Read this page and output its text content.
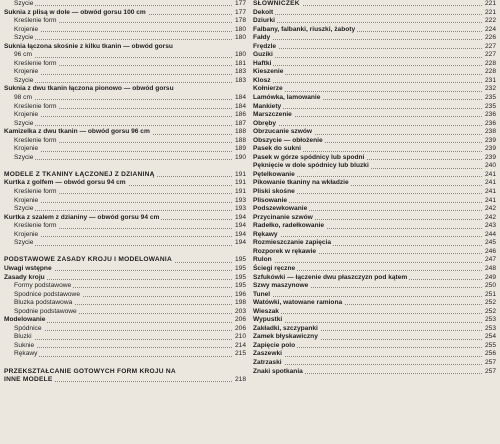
Szycie	177
Suknia z plisą w dole — obwód gorsu 100 cm	177
Kreślenie form	178
Krojenie	180
Szycie	180
Suknia łączona skośnie z kilku tkanin — obwód gorsu
96 cm	180
Kreślenie form	181
Krojenie	183
Szycie	183
Suknia z dwu tkanin łączona pionowo — obwód gorsu
98 cm	184
Kreślenie form	184
Krojenie	186
Szycie	187
Kamizelka z dwu tkanin — obwód gorsu 96 cm	188
Kreślenie form	188
Krojenie	189
Szycie	190
MODELE Z TKANINY ŁĄCZONEJ Z DZIANINĄ	191
Kurtka z golfem — obwód gorsu 94 cm	191
Kreślenie form	191
Krojenie	193
Szycie	193
Kurtka z szalem z dzianiny — obwód gorsu 94 cm	194
Kreślenie form	194
Krojenie	194
Szycie	194
PODSTAWOWE ZASADY KROJU I MODELOWANIA	195
Uwagi wstępne	195
Zasady kroju	195
Formy podstawowe	195
Spodnice podstawowe	196
Bluzka podstawowa	198
Spodnie podstawowe	203
Modelowanie	206
Spódnice	206
Bluzki	210
Suknie	214
Rękawy	215
PRZEKSZTAŁCANIE GOTOWYCH FORM KROJU NA
INNE MODELE	218
SŁOWNICZEK	221
Dekolt	221
Dziurki	222
Falbany, falbanki, riuszki, żaboty	224
Fałdy	226
Frędzle	227
Guziki	227
Haftki	228
Kieszenie	228
Klosz	231
Kołnierze	232
Lamówka, lamowanie	235
Mankiety	235
Marszczenie	236
Obręby	236
Obrzucanie szwów	238
Obszycie — obłożenie	239
Pasek do sukni	239
Pasek w górze spódnicy lub spodni	239
Pęknięcie w dole spódnicy lub bluzki	240
Pętelkowanie	241
Pikowanie tkaniny na wkładzie	241
Pliski skośne	241
Plisowanie	241
Podszewkowanie	242
Przycinanie szwów	242
Radełko, radełkowanie	243
Rękawy	244
Rozmieszczanie zapięcia	245
Rozporek w rękawie	246
Rulon	247
Ściegi ręczne	248
Szfukówki — łączenie dwu płaszczyzn pod kątem	249
Szwy maszynowe	250
Tunel	251
Watówki, watowane ramiona	252
Wieszak	252
Wypustki	253
Zakładki, szczypanki	253
Zamek błyskawiczny	254
Zapięcie polo	255
Zaszewki	256
Zatrzaski	257
Znaki spotkania	257
